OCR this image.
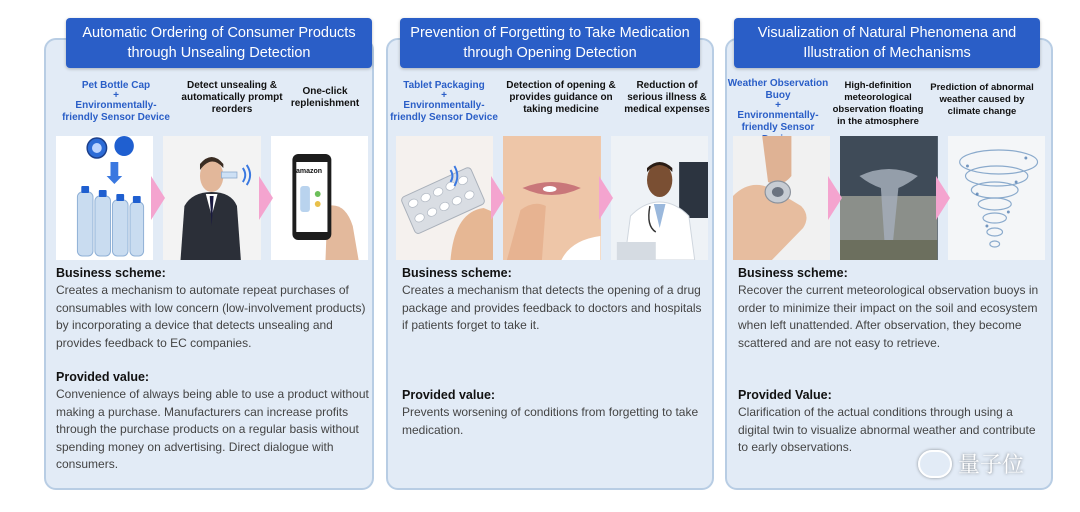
Automatic Ordering of Consumer Products through Unsealing Detection
Pet Bottle Cap
+
Environmentally-friendly Sensor Device
Detect unsealing & automatically prompt reorders
One-click replenishment
amazon
Business scheme:
Creates a mechanism to automate repeat purchases of consumables with low concern (low-involvement products) by incorporating a device that detects unsealing and provides feedback to EC companies.
Provided value:
Convenience of always being able to use a product without making a purchase. Manufacturers can increase profits through the purchase products on a regular basis without spending money on advertising. Direct dialogue with consumers.
Prevention of Forgetting to Take Medication through Opening Detection
Tablet Packaging
+
Environmentally-friendly Sensor Device
Detection of opening & provides guidance on taking medicine
Reduction of serious illness & medical expenses
Business scheme:
Creates a mechanism that detects the opening of a drug package and provides feedback to doctors and hospitals if patients forget to take it.
Provided value:
Prevents worsening of conditions from forgetting to take medication.
Visualization of Natural Phenomena and Illustration of Mechanisms
Weather Observation Buoy
+
Environmentally-friendly Sensor
High-definition meteorological observation floating in the atmosphere
Prediction of abnormal weather caused by climate change
Business scheme:
Recover the current meteorological observation buoys in order to minimize their impact on the soil and ecosystem when left unattended. After observation, they become scattered and are not easy to retrieve.
Provided Value:
Clarification of the actual conditions through using a digital twin to visualize abnormal weather and contribute to early observations.
量子位
